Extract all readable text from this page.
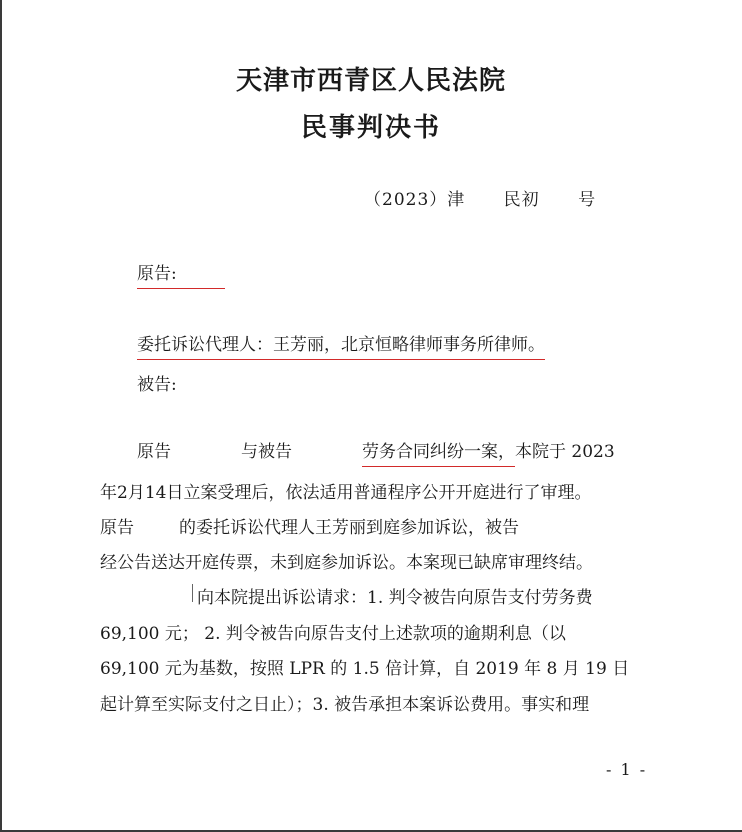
天津市西青区人民法院
民事判决书
（2023）津      民初      号
原告:
委托诉讼代理人：王芳丽，北京恒略律师事务所律师。
被告:
原告	与被告	劳务合同纠纷一案，本院于 2023
年2月14日立案受理后，依法适用普通程序公开开庭进行了审理。
原告	的委托诉讼代理人王芳丽到庭参加诉讼，被告
经公告送达开庭传票，未到庭参加诉讼。本案现已缺席审理终结。
向本院提出诉讼请求：1. 判令被告向原告支付劳务费
69,100 元； 2. 判令被告向原告支付上述款项的逾期利息（以
69,100 元为基数，按照 LPR 的 1.5 倍计算，自 2019 年 8 月 19 日
起计算至实际支付之日止）；3. 被告承担本案诉讼费用。事实和理
- 1 -
